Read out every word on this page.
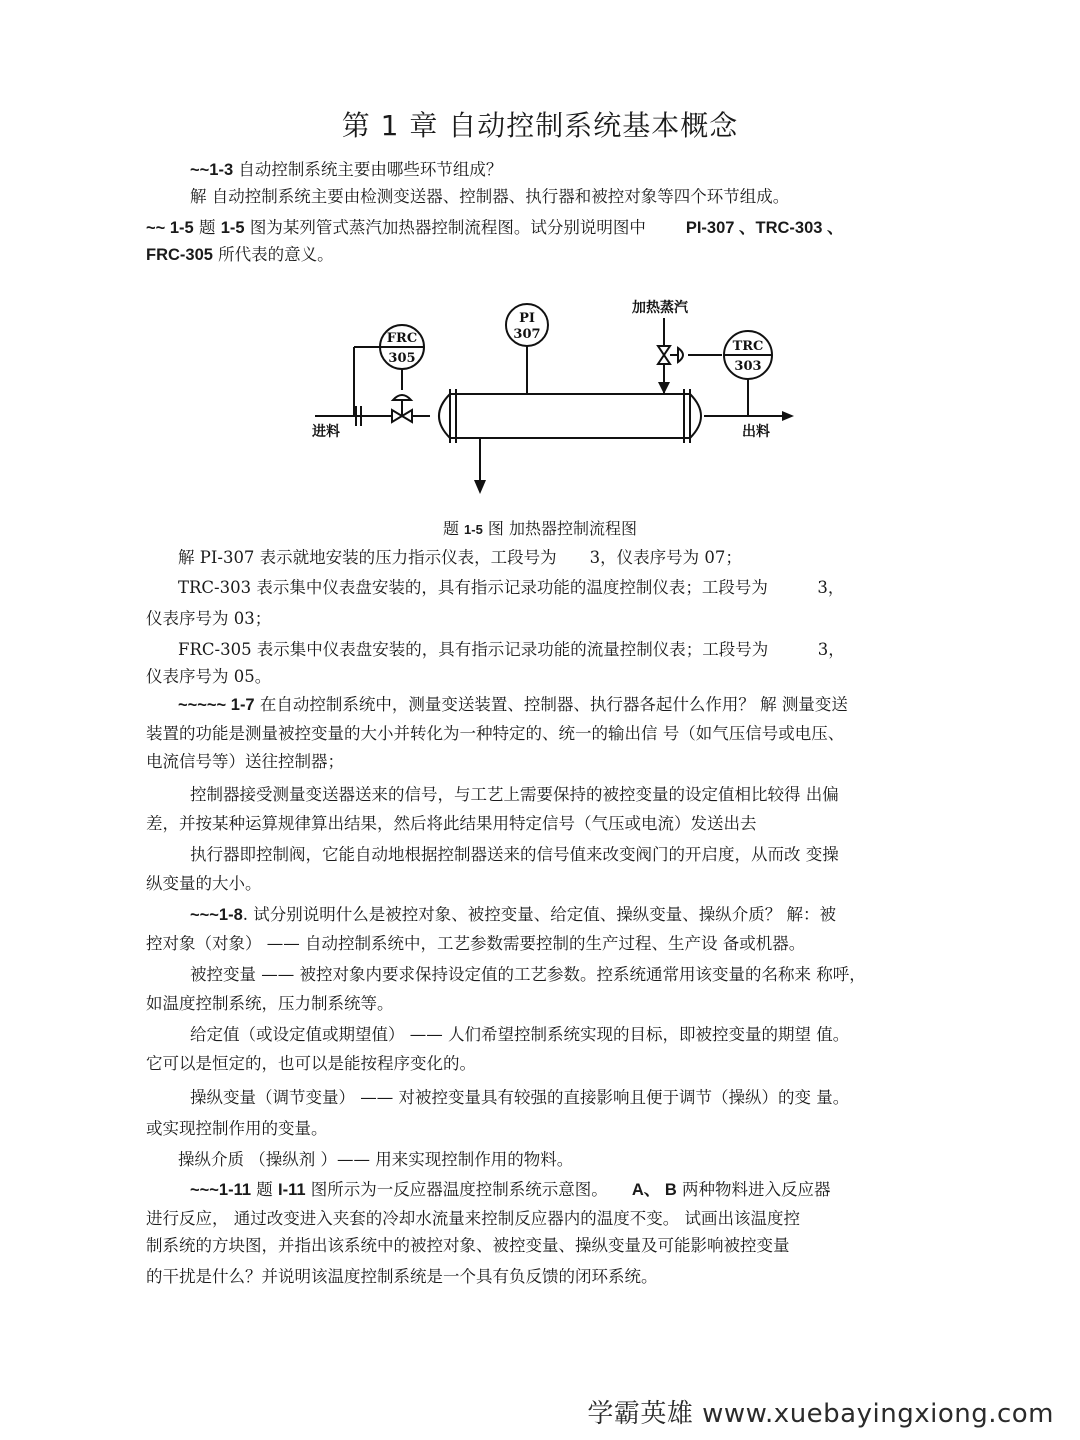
第 1 章 自动控制系统基本概念
~~1-3 自动控制系统主要由哪些环节组成？
解 自动控制系统主要由检测变送器、控制器、执行器和被控对象等四个环节组成。
~~ 1-5 题 1-5 图为某列管式蒸汽加热器控制流程图。试分别说明图中 PI-307 、TRC-303 、
FRC-305 所代表的意义。
FRC
305
PI
307
TRC
303
加热蒸汽
进料	出料
题 1-5 图 加热器控制流程图
解 PI-307 表示就地安装的压力指示仪表，工段号为　　3，仪表序号为 07；
TRC-303 表示集中仪表盘安装的，具有指示记录功能的温度控制仪表；工段号为　　　3，
仪表序号为 03；
FRC-305 表示集中仪表盘安装的，具有指示记录功能的流量控制仪表；工段号为　　　3，
仪表序号为 05。
~~~~~ 1-7 在自动控制系统中，测量变送装置、控制器、执行器各起什么作用？ 解 测量变送
装置的功能是测量被控变量的大小并转化为一种特定的、统一的输出信 号（如气压信号或电压、
电流信号等）送往控制器；
控制器接受测量变送器送来的信号，与工艺上需要保持的被控变量的设定值相比较得 出偏
差，并按某种运算规律算出结果，然后将此结果用特定信号（气压或电流）发送出去
执行器即控制阀，它能自动地根据控制器送来的信号值来改变阀门的开启度，从而改 变操
纵变量的大小。
~~~1-8. 试分别说明什么是被控对象、被控变量、给定值、操纵变量、操纵介质？ 解：被
控对象（对象） —— 自动控制系统中，工艺参数需要控制的生产过程、生产设 备或机器。
被控变量 —— 被控对象内要求保持设定值的工艺参数。控系统通常用该变量的名称来 称呼，
如温度控制系统，压力制系统等。
给定值（或设定值或期望值） —— 人们希望控制系统实现的目标，即被控变量的期望 值。
它可以是恒定的，也可以是能按程序变化的。
操纵变量（调节变量） —— 对被控变量具有较强的直接影响且便于调节（操纵）的变 量。
或实现控制作用的变量。
操纵介质 （操纵剂 ）—— 用来实现控制作用的物料。
~~~1-11 题 I-11 图所示为一反应器温度控制系统示意图。 A、 B 两种物料进入反应器
进行反应， 通过改变进入夹套的冷却水流量来控制反应器内的温度不变。 试画出该温度控
制系统的方块图，并指出该系统中的被控对象、被控变量、操纵变量及可能影响被控变量
的干扰是什么？并说明该温度控制系统是一个具有负反馈的闭环系统。
学霸英雄 www.xuebayingxiong.com
